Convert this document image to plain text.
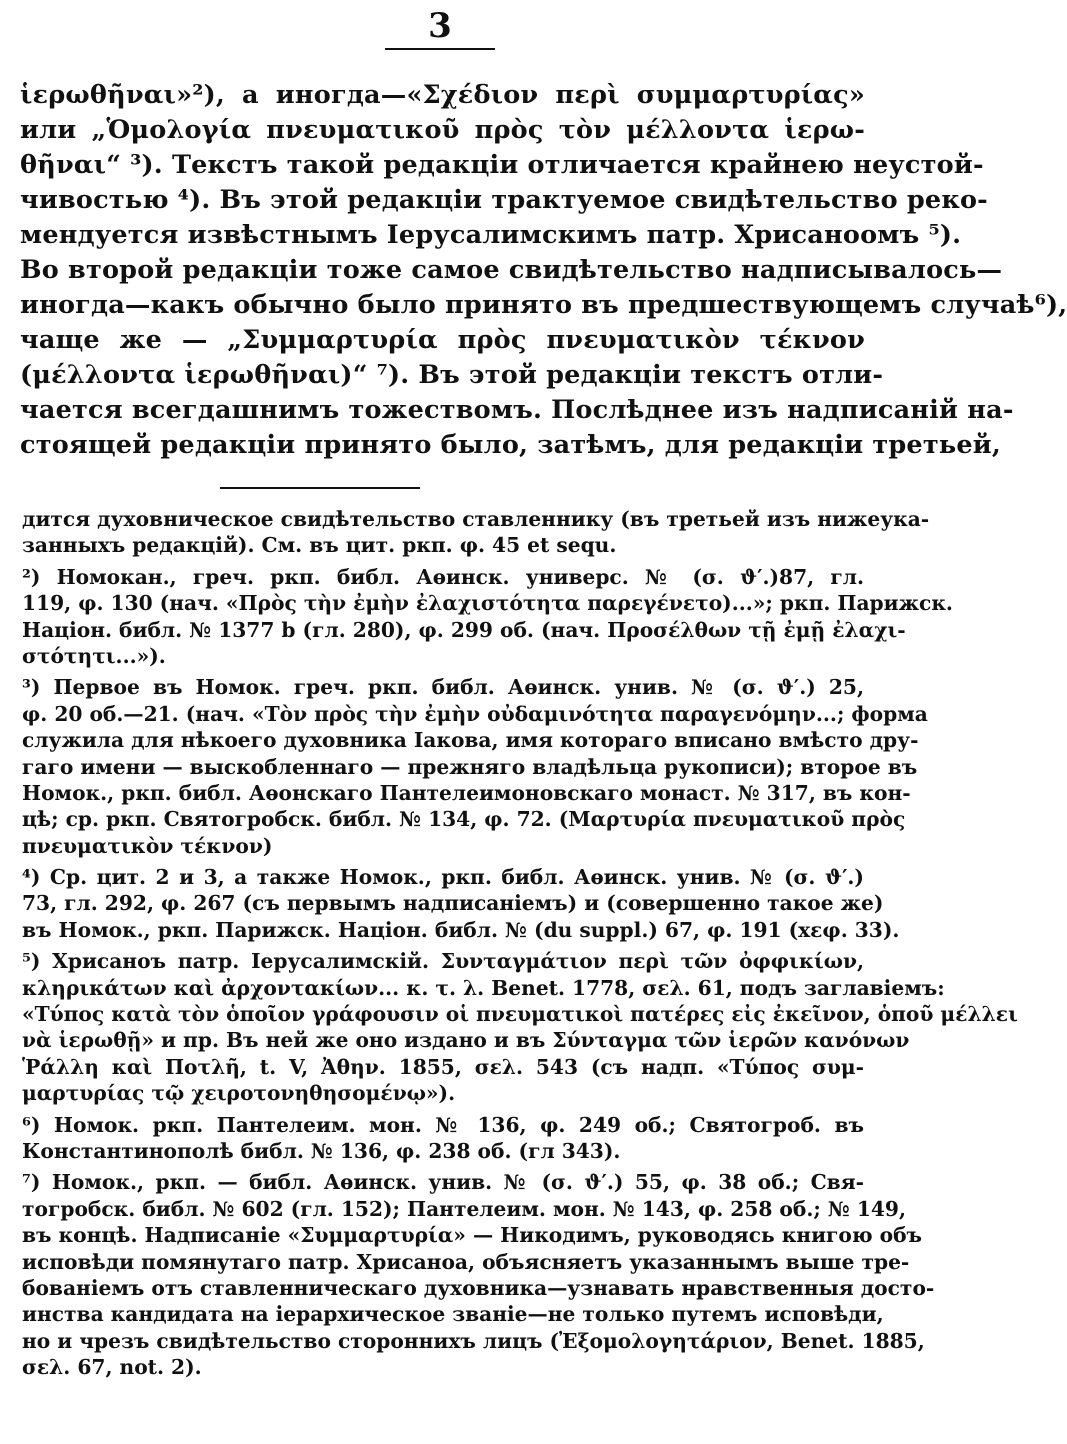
3
ἱερωθῆναι»²), а иногда—«Σχέδιον περὶ συμμαρτυρίας»
или „Ὁμολογία πνευματικοῦ πρὸς τὸν μέλλοντα ἱερω-
θῆναι“ ³). Текстъ такой редакціи отличается крайнею неустой-
чивостью ⁴). Въ этой редакціи трактуемое свидѣтельство реко-
мендуется извѣстнымъ Іерусалимскимъ патр. Хрисаноомъ ⁵).
Во второй редакціи тоже самое свидѣтельство надписывалось—
иногда—какъ обычно было принято въ предшествующемъ случаѣ⁶),
чаще же — „Συμμαρτυρία πρὸς πνευματικὸν τέκνον
(μέλλοντα ἱερωθῆναι)“ ⁷). Въ этой редакціи текстъ отли-
чается всегдашнимъ тожествомъ. Послѣднее изъ надписаній на-
стоящей редакціи принято было, затѣмъ, для редакціи третьей,
дится духовническое свидѣтельство ставленнику (въ третьей изъ нижеука-
занныхъ редакцій). См. въ цит. ркп. φ. 45 et sequ.
²) Номокан., греч. ркп. библ. Аѳинск. универс. № (σ. ϑ′.)87, гл.
119, φ. 130 (нач. «Πρὸς τὴν ἐμὴν ἐλαχιστότητα παρεγένετο)...»; ркп. Парижск.
Націон. библ. № 1377 b (гл. 280), φ. 299 об. (нач. Προσέλθων τῇ ἐμῇ ἐλαχι-
στότητι...»).
³) Первое въ Номок. греч. ркп. библ. Аѳинск. унив. № (σ. ϑ′.) 25,
φ. 20 об.—21. (нач. «Τὸν πρὸς τὴν ἐμὴν οὐδαμινότητα παραγενόμην...; форма
служила для нѣкоего духовника Іакова, имя котораго вписано вмѣсто дру-
гаго имени — выскобленнаго — прежняго владѣльца рукописи); второе въ
Номок., ркп. библ. Аѳонскаго Пантелеимоновскаго монаст. № 317, въ кон-
цѣ; ср. ркп. Святогробск. библ. № 134, φ. 72. (Μαρτυρία πνευματικοῦ πρὸς
πνευματικὸν τέκνον)
⁴) Ср. цит. 2 и 3, а также Номок., ркп. библ. Аѳинск. унив. № (σ. ϑ′.)
73, гл. 292, φ. 267 (съ первымъ надписаніемъ) и (совершенно такое же)
въ Номок., ркп. Парижск. Націон. библ. № (du suppl.) 67, φ. 191 (хεφ. 33).
⁵) Хрисаноъ патр. Іерусалимскій. Συνταγμάτιον περὶ τῶν ὀφφικίων,
κληρικάτων καὶ ἀρχοντακίων... κ. τ. λ. Benet. 1778, σελ. 61, подъ заглавіемъ:
«Τύπος κατὰ τὸν ὁποῖον γράφουσιν οἱ πνευματικοὶ πατέρες εἰς ἐκεῖνον, ὁποῦ μέλλει
νὰ ἱερωθῇ» и пр. Въ ней же оно издано и въ Σύνταγμα τῶν ἱερῶν κανόνων
Ῥάλλη καὶ Ποτλῆ, t. V, Ἀθην. 1855, σελ. 543 (съ надп. «Τύπος συμ-
μαρτυρίας τῷ χειροτονηθησομένῳ»).
⁶) Номок. ркп. Пантелеим. мон. № 136, φ. 249 об.; Святогроб. въ
Константинополѣ библ. № 136, φ. 238 об. (гл 343).
⁷) Номок., ркп. — библ. Аѳинск. унив. № (σ. ϑ′.) 55, φ. 38 об.; Свя-
тогробск. библ. № 602 (гл. 152); Пантелеим. мон. № 143, φ. 258 об.; № 149,
въ концѣ. Надписаніе «Συμμαρτυρία» — Никодимъ, руководясь книгою объ
исповѣди помянутаго патр. Хрисаноа, объясняетъ указаннымъ выше тре-
бованіемъ отъ ставленническаго духовника—узнавать нравственныя досто-
инства кандидата на іерархическое званіе—не только путемъ исповѣди,
но и чрезъ свидѣтельство стороннихъ лицъ (Ἐξομολογητάριον, Benet. 1885,
σελ. 67, not. 2).
